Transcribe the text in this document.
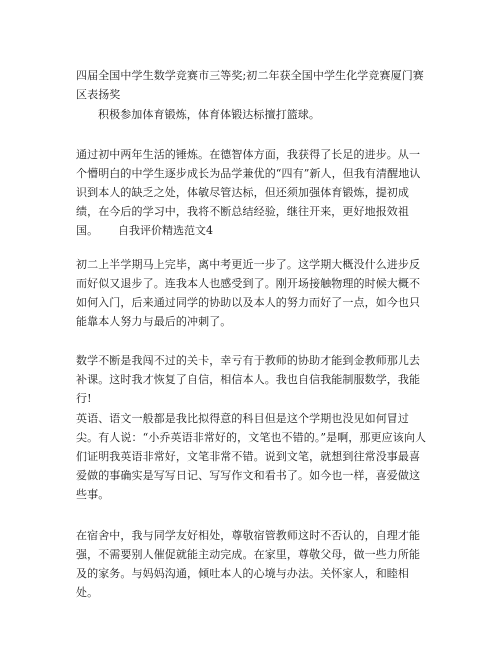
四届全国中学生数学竞赛市三等奖;初二年获全国中学生化学竞赛厦门赛区表扬奖

积极参加体育锻炼，体育体锻达标擅打篮球。

通过初中两年生活的锤炼。在德智体方面，我获得了长足的进步。从一个懵明白的中学生逐步成长为品学兼优的“四有”新人，但我有清醒地认识到本人的缺乏之处，体敏尽管达标，但还须加强体育锻炼，提初成绩，在今后的学习中，我将不断总结经验，继往开来，更好地报效祖国。	自我评价精选范文4

初二上半学期马上完毕，离中考更近一步了。这学期大概没什么进步反而好似又退步了。连我本人也感受到了。刚开场接触物理的时候大概不如何入门，后来通过同学的协助以及本人的努力而好了一点，如今也只能靠本人努力与最后的冲刺了。

数学不断是我闯不过的关卡，幸亏有于教师的协助才能到金教师那儿去补课。这时我才恢复了自信，相信本人。我也自信我能制服数学，我能行!

英语、语文一般都是我比拟得意的科目但是这个学期也没见如何冒过尖。有人说：“小乔英语非常好的，文笔也不错的。”是啊，那更应该向人们证明我英语非常好，文笔非常不错。说到文笔，就想到往常没事最喜爱做的事确实是写写日记、写写作文和看书了。如今也一样，喜爱做这些事。

在宿舍中，我与同学友好相处，尊敬宿管教师这时不否认的，自理才能强，不需要别人催促就能主动完成。在家里，尊敬父母，做一些力所能及的家务。与妈妈沟通，倾吐本人的心境与办法。关怀家人，和睦相处。
